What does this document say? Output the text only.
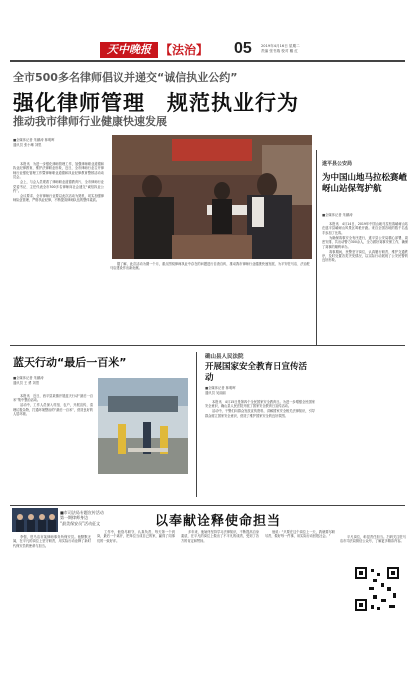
天中晚报 【法治】 05	2019年4月16日 星期二
责编 张书瑞 校对 戴 红
全市500多名律师倡议并递交“诚信执业公约”
强化律师管理　规范执业行为
推动我市律师行业健康快速发展
■全媒体记者 朱鹏涛 林明晖
通讯员 张小琳 刘思

本报讯　为进一步强化律师管理工作，加强律师职业道德和执业纪律教育，维护法律职业形象，近日，全市律师行业召开律师行业强化管理工作暨律师职业道德和执业纪律教育整顿活动动员会。

会上，与会人员观看了律师职业道德教育片，全市律师行业党委书记、主任代表全市500多名律师向社会递交“诚信执业公约”。

会议要求，全市律师行业要以此次活动为契机，切实加强律师队伍管理，严格执业纪律，不断提高律师队伍的整体素质。

据了解，此次活动为期一个月，重点围绕律师执业中存在的问题进行自查自纠，推动我市律师行业健康快速发展，为平安驻马店、法治驻马店建设作出新贡献。

遂平县公安局
为中国山地马拉松赛嵖岈山站保驾护航
■全媒体记者 朱鹏涛

本报讯　4月14日，2019年中国山地马拉松赛嵖岈山站在遂平县嵖岈山风景区鸣枪开跑。来自全国各地的数千名选手参加了比赛。

为确保赛事安全有序进行，遂平县公安局精心部署，周密安排，共出动警力300余人，全力做好赛事安保工作，确保了赛事的顺利举办。

赛事期间，民警坚守岗位，认真履行职责，维护交通秩序，及时处置各类突发情况，以实际行动展现了公安民警的良好形象。

蓝天行动“最后一百米”
■全媒体记者 朱鹏涛
通讯员 王 勇 刘思

本报讯　近日，西平县某镇开展蓝天行动“最后一百米”集中整治活动。

活动中，工作人员深入村组、农户，开展宣传，清理垃圾杂物，打通环境整治的“最后一百米”，营造良好的人居环境。

确山县人民法院
开展国家安全教育日宣传活动
■全媒体记者 林明晖
通讯员 吴丽丽

本报讯　4月15日是第四个全民国家安全教育日。为进一步增强全民国家安全意识，确山县人民法院开展了国家安全教育日宣传活动。

活动中，干警们向群众发放宣传资料，讲解国家安全相关法律知识，引导群众树立国家安全意识，营造了维护国家安全的良好氛围。

■市司法局专题宣传活动
第一期律师身边
“最美保安员”活动征文	以奉献诠释使命担当

李强，驻马店市某律师事务所保安员。他默默无闻，在平凡的岗位上坚守职责，用实际行动诠释了新时代保安员的使命与担当。

工作中，他恪尽职守，认真负责，每天第一个到岗，最后一个离开，把单位当成自己的家，赢得了同事们的一致好评。

多年来，他始终坚持学习法律知识，不断提高自身素质，在平凡的岗位上做出了不平凡的成绩，受到了各方的肯定和赞扬。

他说：“只要在这个岗位上一天，我就要尽职尽责，做好每一件事，用实际行动回报社会。”	平凡岗位，彰显责任担当。扫码关注驻马店市司法局微信公众号，了解更多精彩内容。
